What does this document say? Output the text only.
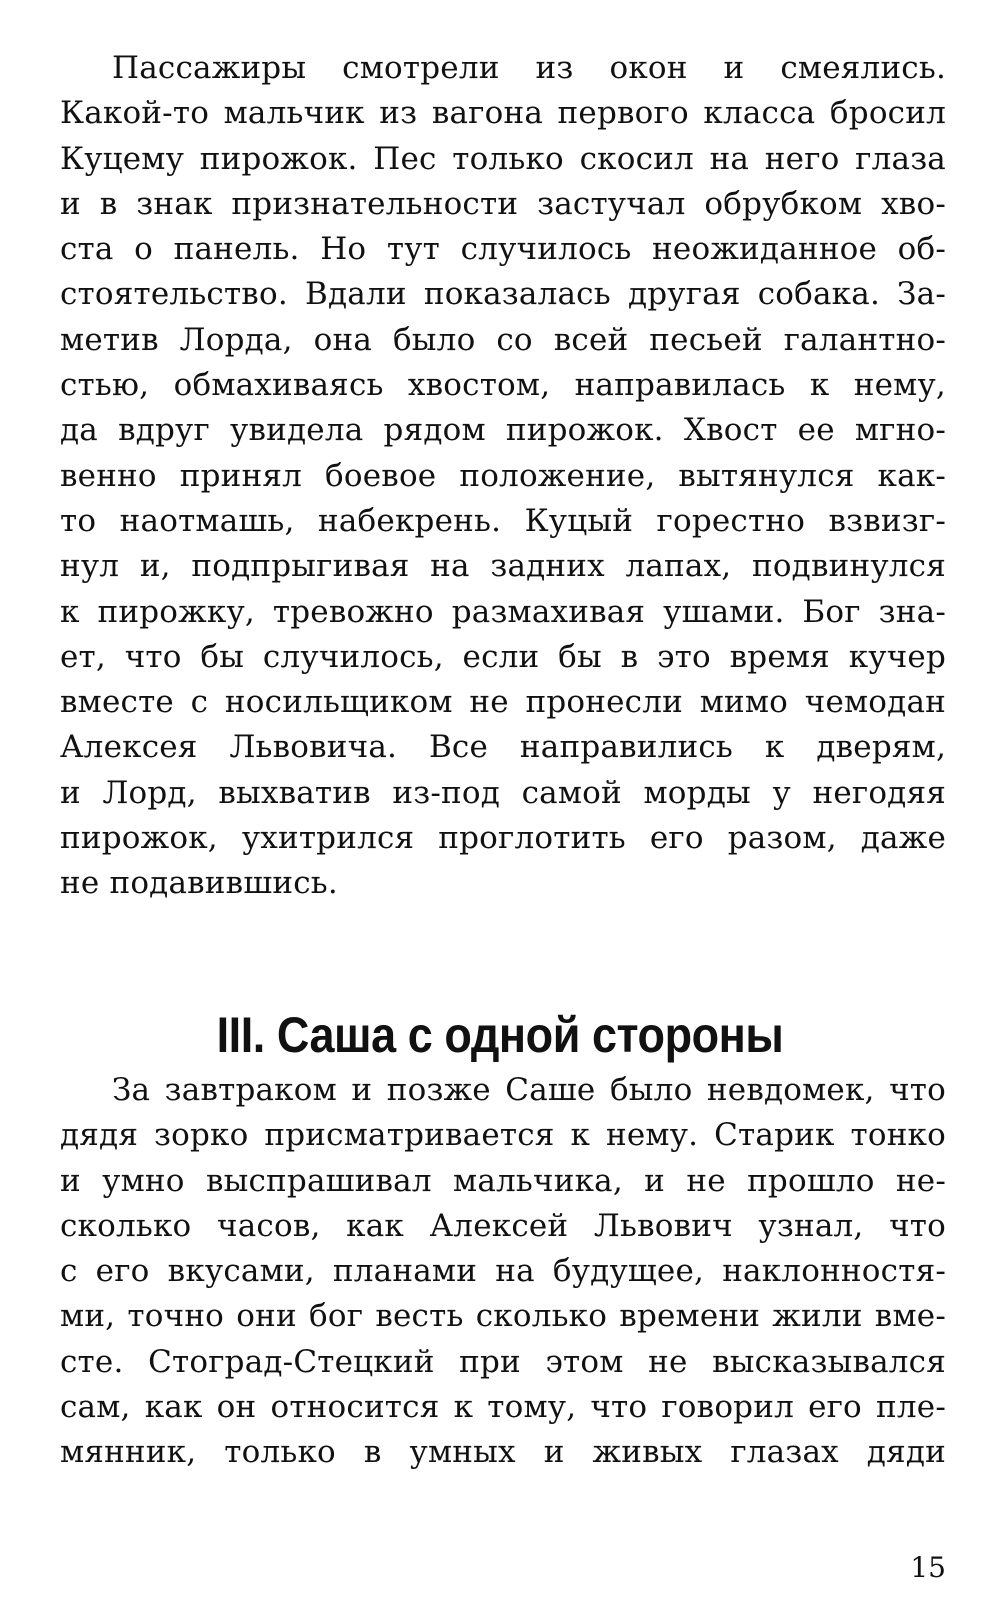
Пассажиры смотрели из окон и смеялись.
Какой-то мальчик из вагона первого класса бросил
Куцему пирожок. Пес только скосил на него глаза
и в знак признательности застучал обрубком хво-
ста о панель. Но тут случилось неожиданное об-
стоятельство. Вдали показалась другая собака. За-
метив Лорда, она было со всей песьей галантно-
стью, обмахиваясь хвостом, направилась к нему,
да вдруг увидела рядом пирожок. Хвост ее мгно-
венно принял боевое положение, вытянулся как-
то наотмашь, набекрень. Куцый горестно взвизг-
нул и, подпрыгивая на задних лапах, подвинулся
к пирожку, тревожно размахивая ушами. Бог зна-
ет, что бы случилось, если бы в это время кучер
вместе с носильщиком не пронесли мимо чемодан
Алексея Львовича. Все направились к дверям,
и Лорд, выхватив из-под самой морды у негодяя
пирожок, ухитрился проглотить его разом, даже
не подавившись.
III. Саша с одной стороны
За завтраком и позже Саше было невдомек, что
дядя зорко присматривается к нему. Старик тонко
и умно выспрашивал мальчика, и не прошло не-
сколько часов, как Алексей Львович узнал, что
с его вкусами, планами на будущее, наклонностя-
ми, точно они бог весть сколько времени жили вме-
сте. Стоград-Стецкий при этом не высказывался
сам, как он относится к тому, что говорил его пле-
мянник, только в умных и живых глазах дяди
15
